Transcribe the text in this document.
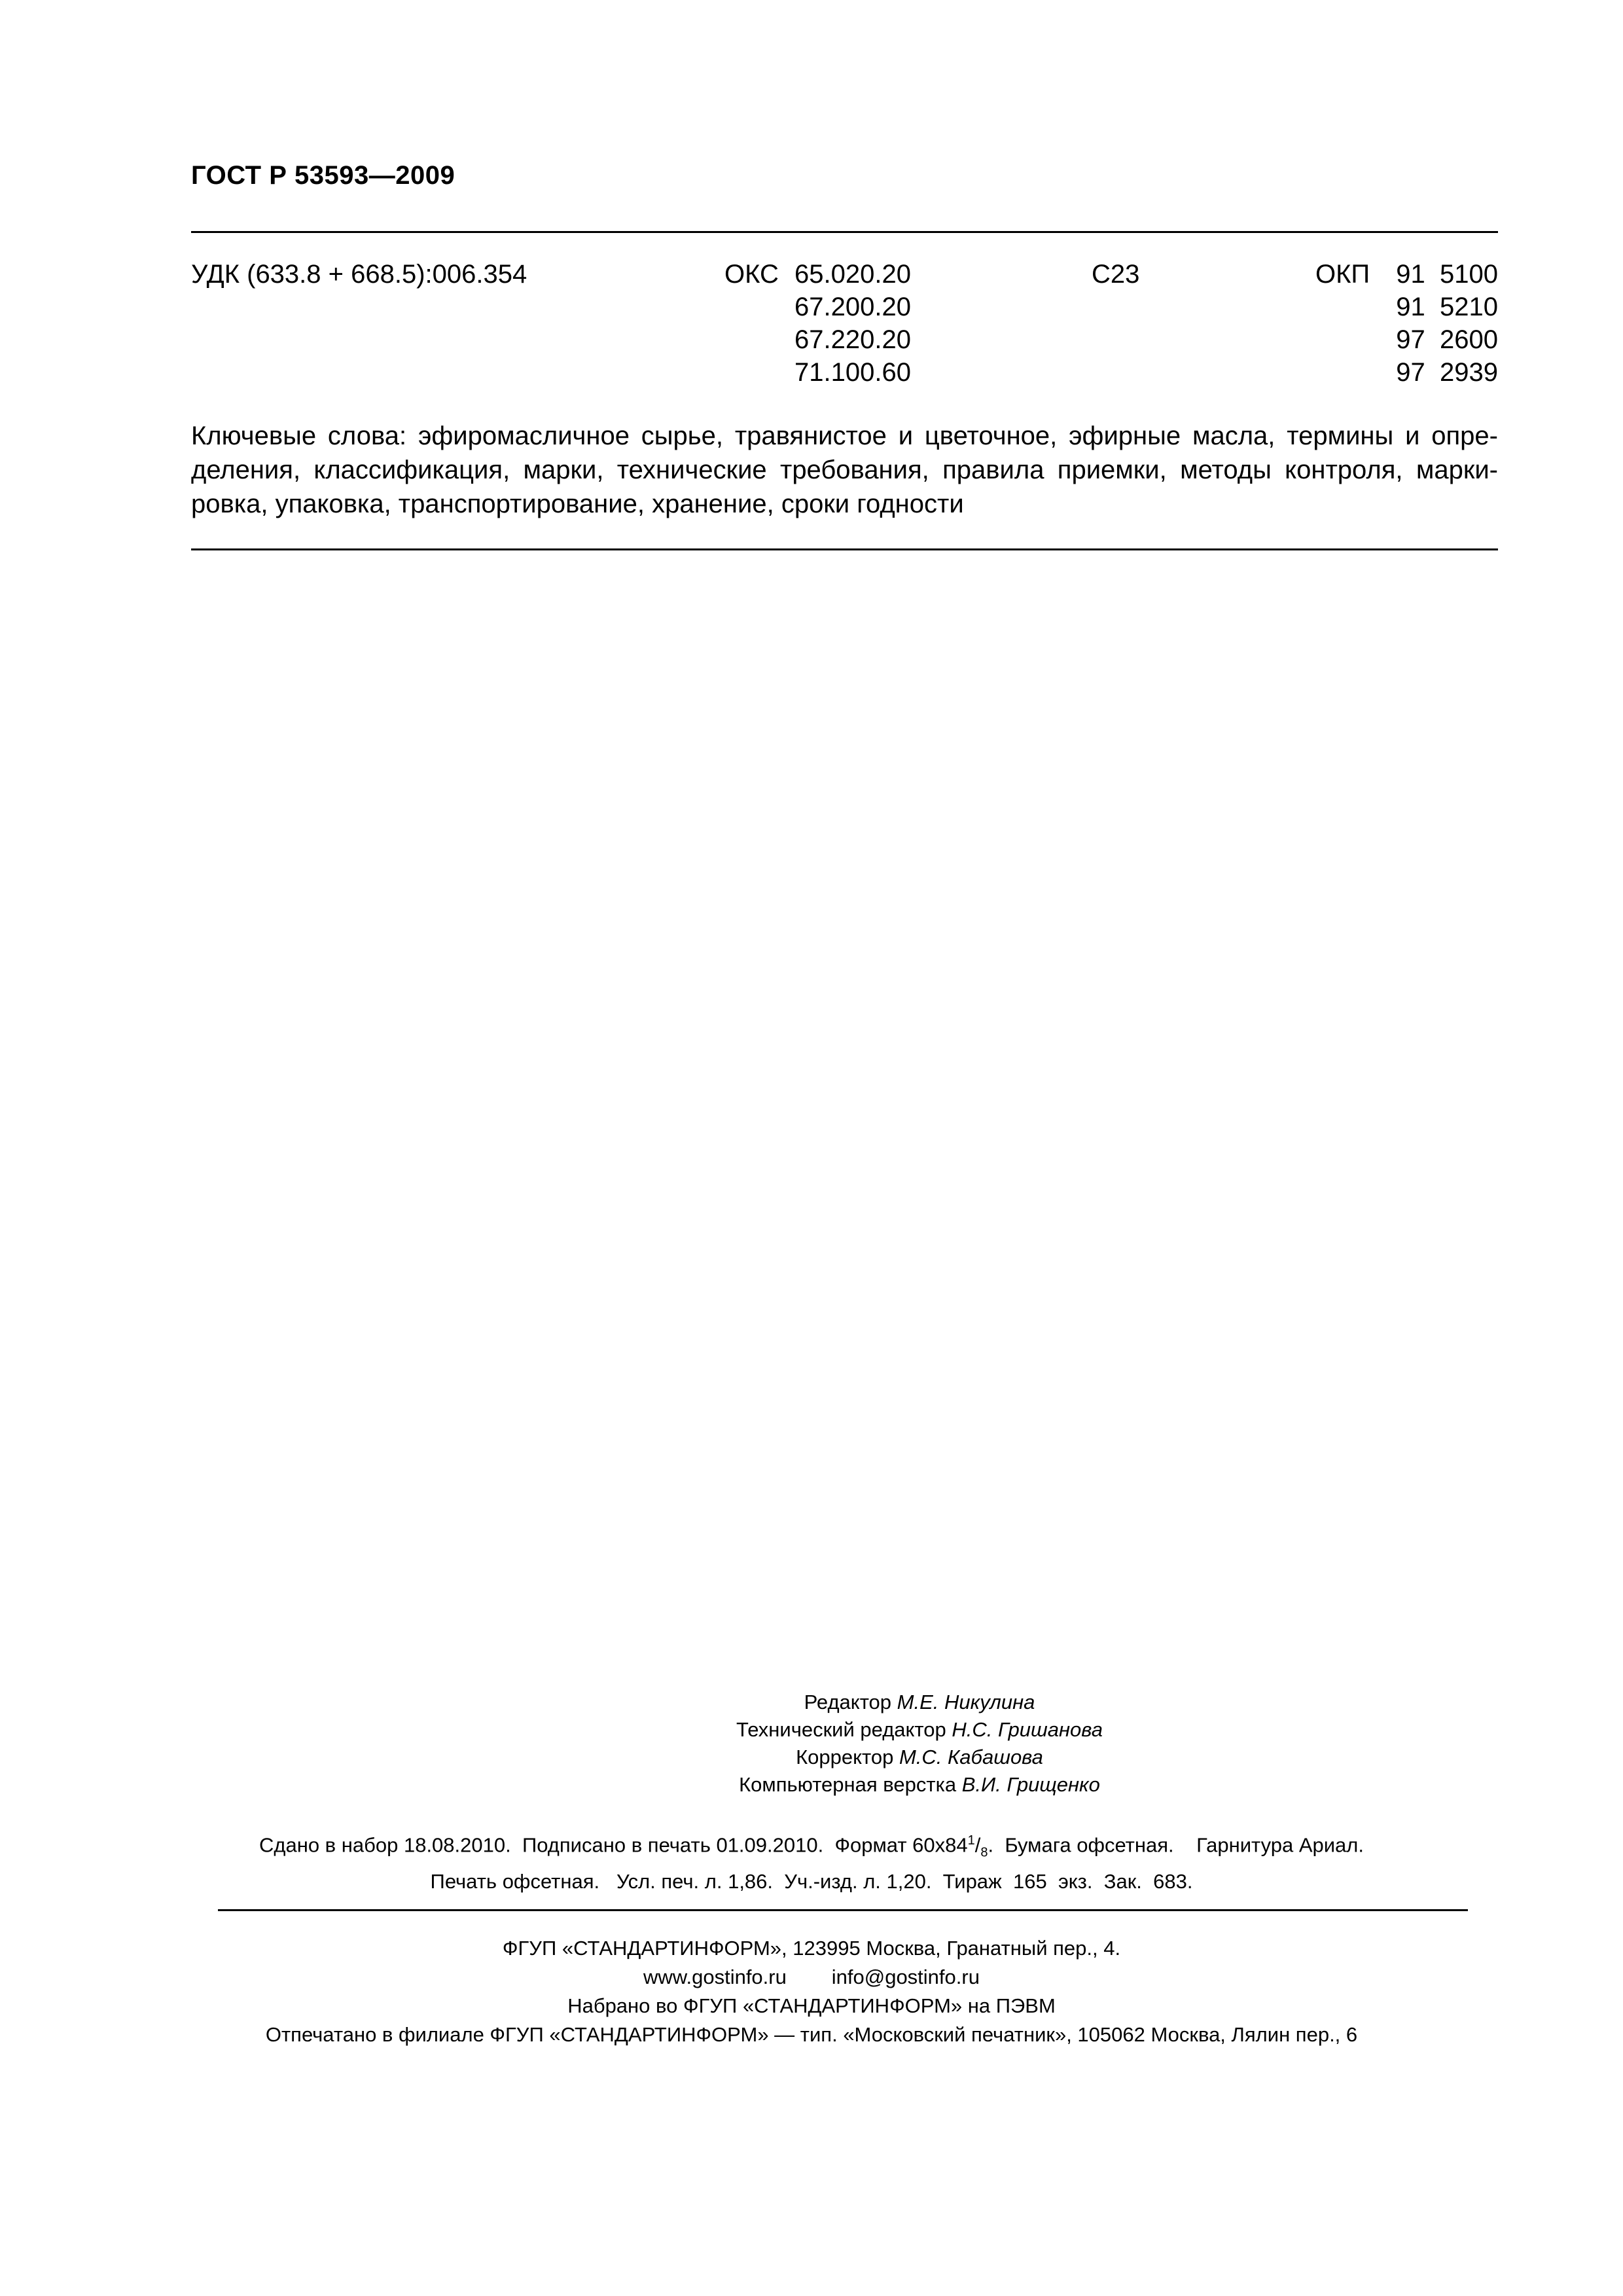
ГОСТ Р 53593—2009
УДК (633.8 + 668.5):006.354	ОКС 65.020.20
67.200.20
67.220.20
71.100.60
С23	ОКП 91  5100
91  5210
97  2600
97  2939
Ключевые слова: эфиромасличное сырье, травянистое и цветочное, эфирные масла, термины и опре-
деления, классификация, марки, технические требования, правила приемки, методы контроля, марки-
ровка, упаковка, транспортирование, хранение, сроки годности
Редактор М.Е. Никулина
Технический редактор Н.С. Гришанова
Корректор М.С. Кабашова
Компьютерная верстка В.И. Грищенко
Сдано в набор 18.08.2010.  Подписано в печать 01.09.2010.  Формат $60х84^1/_8$.  Бумага офсетная.    Гарнитура Ариал.
Печать офсетная.   Усл. печ. л. 1,86.  Уч.-изд. л. 1,20.  Тираж  165  экз.  Зак.  683.
ФГУП «СТАНДАРТИНФОРМ», 123995 Москва, Гранатный пер., 4.
www.gostinfo.ru        info@gostinfo.ru
Набрано во ФГУП «СТАНДАРТИНФОРМ» на ПЭВМ
Отпечатано в филиале ФГУП «СТАНДАРТИНФОРМ» — тип. «Московский печатник», 105062 Москва, Лялин пер., 6
